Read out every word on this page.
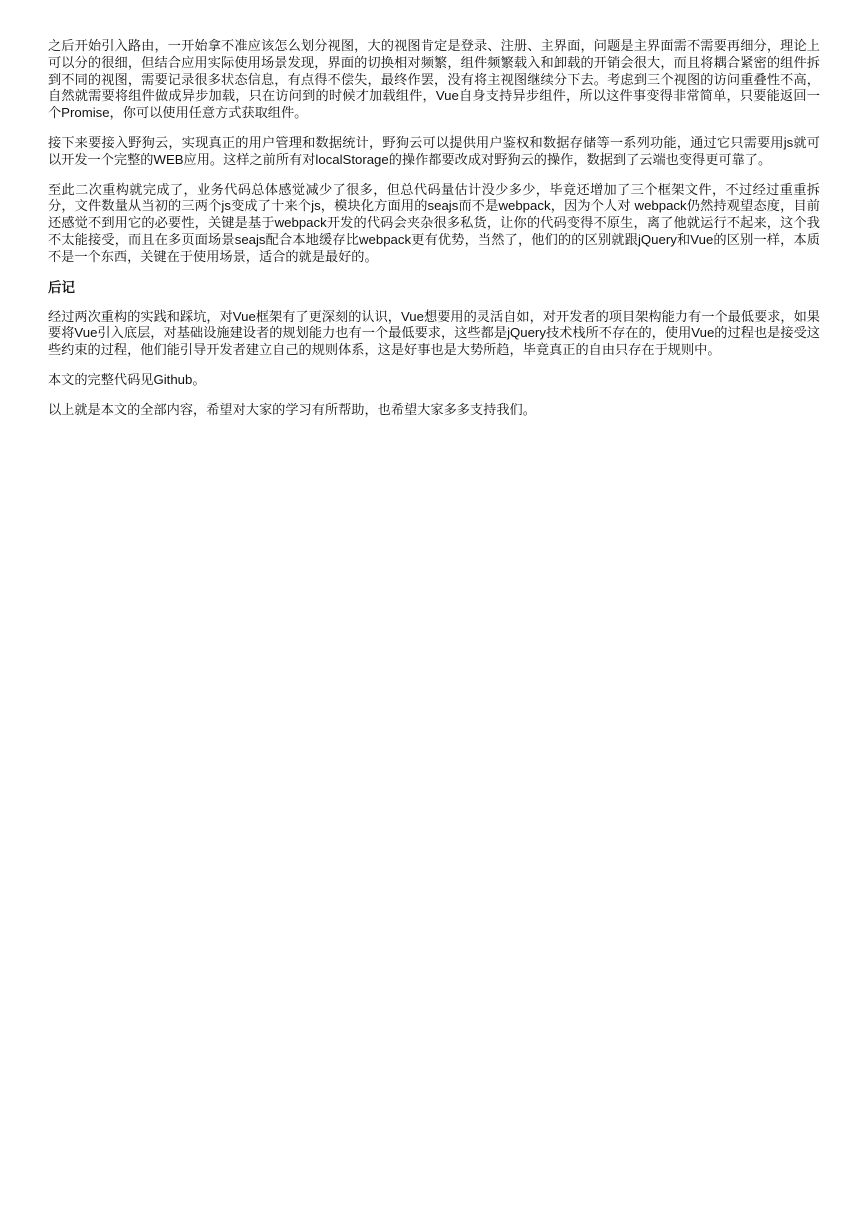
之后开始引入路由，一开始拿不准应该怎么划分视图，大的视图肯定是登录、注册、主界面，问题是主界面需不需要再细分，理论上可以分的很细，但结合应用实际使用场景发现，界面的切换相对频繁，组件频繁载入和卸载的开销会很大，而且将耦合紧密的组件拆到不同的视图，需要记录很多状态信息，有点得不偿失，最终作罢，没有将主视图继续分下去。考虑到三个视图的访问重叠性不高，自然就需要将组件做成异步加载，只在访问到的时候才加载组件，Vue自身支持异步组件，所以这件事变得非常简单，只要能返回一个Promise，你可以使用任意方式获取组件。

接下来要接入野狗云，实现真正的用户管理和数据统计，野狗云可以提供用户鉴权和数据存储等一系列功能，通过它只需要用js就可以开发一个完整的WEB应用。这样之前所有对localStorage的操作都要改成对野狗云的操作，数据到了云端也变得更可靠了。

至此二次重构就完成了，业务代码总体感觉减少了很多，但总代码量估计没少多少，毕竟还增加了三个框架文件，不过经过重重拆分，文件数量从当初的三两个js变成了十来个js，模块化方面用的seajs而不是webpack，因为个人对 webpack仍然持观望态度，目前还感觉不到用它的必要性，关键是基于webpack开发的代码会夹杂很多私货，让你的代码变得不原生，离了他就运行不起来，这个我不太能接受，而且在多页面场景seajs配合本地缓存比webpack更有优势，当然了，他们的的区别就跟jQuery和Vue的区别一样，本质不是一个东西，关键在于使用场景，适合的就是最好的。

后记

经过两次重构的实践和踩坑，对Vue框架有了更深刻的认识，Vue想要用的灵活自如，对开发者的项目架构能力有一个最低要求，如果要将Vue引入底层，对基础设施建设者的规划能力也有一个最低要求，这些都是jQuery技术栈所不存在的，使用Vue的过程也是接受这些约束的过程，他们能引导开发者建立自己的规则体系，这是好事也是大势所趋，毕竟真正的自由只存在于规则中。

本文的完整代码见Github。

以上就是本文的全部内容，希望对大家的学习有所帮助，也希望大家多多支持我们。
